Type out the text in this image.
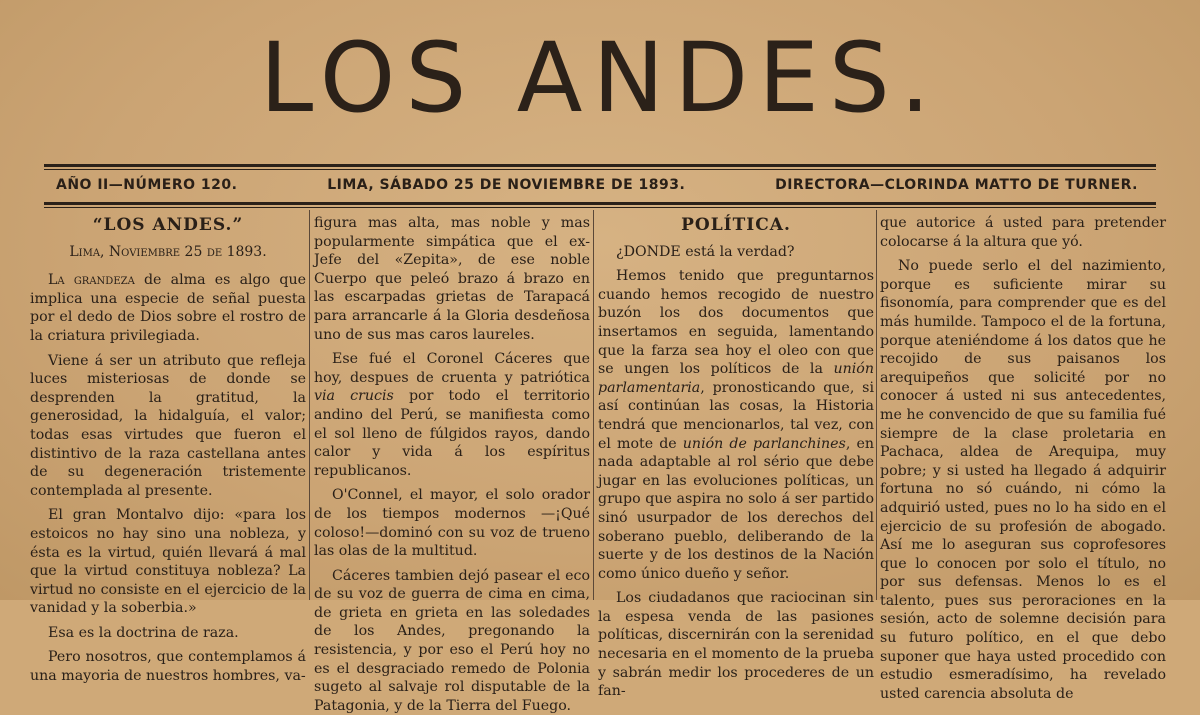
LOS ANDES.
AÑO II—NÚMERO 120.	LIMA, SÁBADO 25 DE NOVIEMBRE DE 1893.	DIRECTORA—CLORINDA MATTO DE TURNER.
“LOS ANDES.”
Lima, Noviembre 25 de 1893.

La grandeza de alma es algo que implica una especie de señal puesta por el dedo de Dios sobre el rostro de la criatura privilegiada.

Viene á ser un atributo que refleja luces misteriosas de donde se desprenden la gratitud, la generosidad, la hidalguía, el valor; todas esas virtudes que fueron el distintivo de la raza castellana antes de su degeneración tristemente contemplada al presente.

El gran Montalvo dijo: «para los estoicos no hay sino una nobleza, y ésta es la virtud, quién llevará á mal que la virtud constituya nobleza? La virtud no consiste en el ejercicio de la vanidad y la soberbia.»

Esa es la doctrina de raza.

Pero nosotros, que contemplamos á una mayoria de nuestros hombres, va-

figura mas alta, mas noble y mas popularmente simpática que el ex-Jefe del «Zepita», de ese noble Cuerpo que peleó brazo á brazo en las escarpadas grietas de Tarapacá para arrancarle á la Gloria desdeñosa uno de sus mas caros laureles.

Ese fué el Coronel Cáceres que hoy, despues de cruenta y patriótica via crucis por todo el territorio andino del Perú, se manifiesta como el sol lleno de fúlgidos rayos, dando calor y vida á los espíritus republicanos.

O'Connel, el mayor, el solo orador de los tiempos modernos —¡Qué coloso!—dominó con su voz de trueno las olas de la multitud.

Cáceres tambien dejó pasear el eco de su voz de guerra de cima en cima, de grieta en grieta en las soledades de los Andes, pregonando la resistencia, y por eso el Perú hoy no es el desgraciado remedo de Polonia sugeto al salvaje rol disputable de la Patagonia, y de la Tierra del Fuego.

POLÍTICA.

¿DONDE está la verdad?

Hemos tenido que preguntarnos cuando hemos recogido de nuestro buzón los dos documentos que insertamos en seguida, lamentando que la farza sea hoy el oleo con que se ungen los políticos de la unión parlamentaria, pronosticando que, si así continúan las cosas, la Historia tendrá que mencionarlos, tal vez, con el mote de unión de parlanchines, en nada adaptable al rol sério que debe jugar en las evoluciones políticas, un grupo que aspira no solo á ser partido sinó usurpador de los derechos del soberano pueblo, deliberando de la suerte y de los destinos de la Nación como único dueño y señor.

Los ciudadanos que raciocinan sin la espesa venda de las pasiones políticas, discernirán con la serenidad necesaria en el momento de la prueba y sabrán medir los procederes de un fan-

que autorice á usted para pretender colocarse á la altura que yó.

No puede serlo el del nazimiento, porque es suficiente mirar su fisonomía, para comprender que es del más humilde. Tampoco el de la fortuna, porque ateniéndome á los datos que he recojido de sus paisanos los arequipeños que solicité por no conocer á usted ni sus antecedentes, me he convencido de que su familia fué siempre de la clase proletaria en Pachaca, aldea de Arequipa, muy pobre; y si usted ha llegado á adquirir fortuna no só cuándo, ni cómo la adquirió usted, pues no lo ha sido en el ejercicio de su profesión de abogado. Así me lo aseguran sus coprofesores que lo conocen por solo el título, no por sus defensas. Menos lo es el talento, pues sus peroraciones en la sesión, acto de solemne decisión para su futuro político, en el que debo suponer que haya usted procedido con estudio esmeradísimo, ha revelado usted carencia absoluta de
